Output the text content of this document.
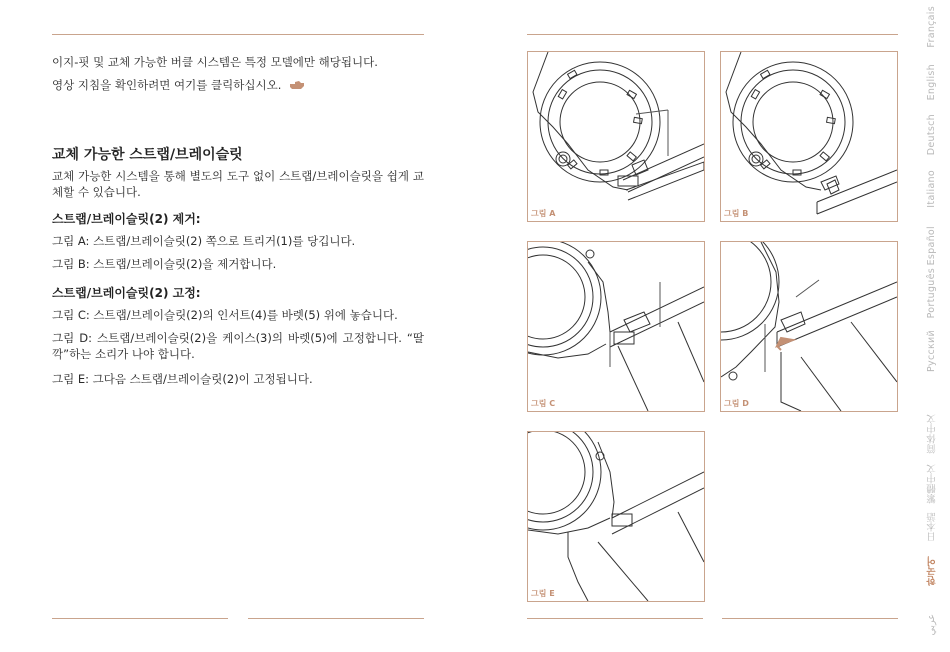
이지-핏 및 교체 가능한 버클 시스템은 특정 모델에만 해당됩니다.
영상 지침을 확인하려면 여기를 클릭하십시오.
교체 가능한 스트랩/브레이슬릿
교체 가능한 시스템을 통해 별도의 도구 없이 스트랩/브레이슬릿을 쉽게 교체할 수 있습니다.
스트랩/브레이슬릿(2) 제거:
그림 A: 스트랩/브레이슬릿(2) 쪽으로 트리거(1)를 당깁니다.
그림 B: 스트랩/브레이슬릿(2)을 제거합니다.
스트랩/브레이슬릿(2) 고정:
그림 C: 스트랩/브레이슬릿(2)의 인서트(4)를 바렛(5) 위에 놓습니다.
그림 D: 스트랩/브레이슬릿(2)을 케이스(3)의 바렛(5)에 고정합니다. “딸깍”하는 소리가 나야 합니다.
그림 E: 그다음 스트랩/브레이슬릿(2)이 고정됩니다.
그림 A	그림 B
그림 C	그림 D
그림 E
Français
English
Deutsch
Italiano
Español
Português
Русский
简体中文
繁體中文
日本語
한국어
عربي
